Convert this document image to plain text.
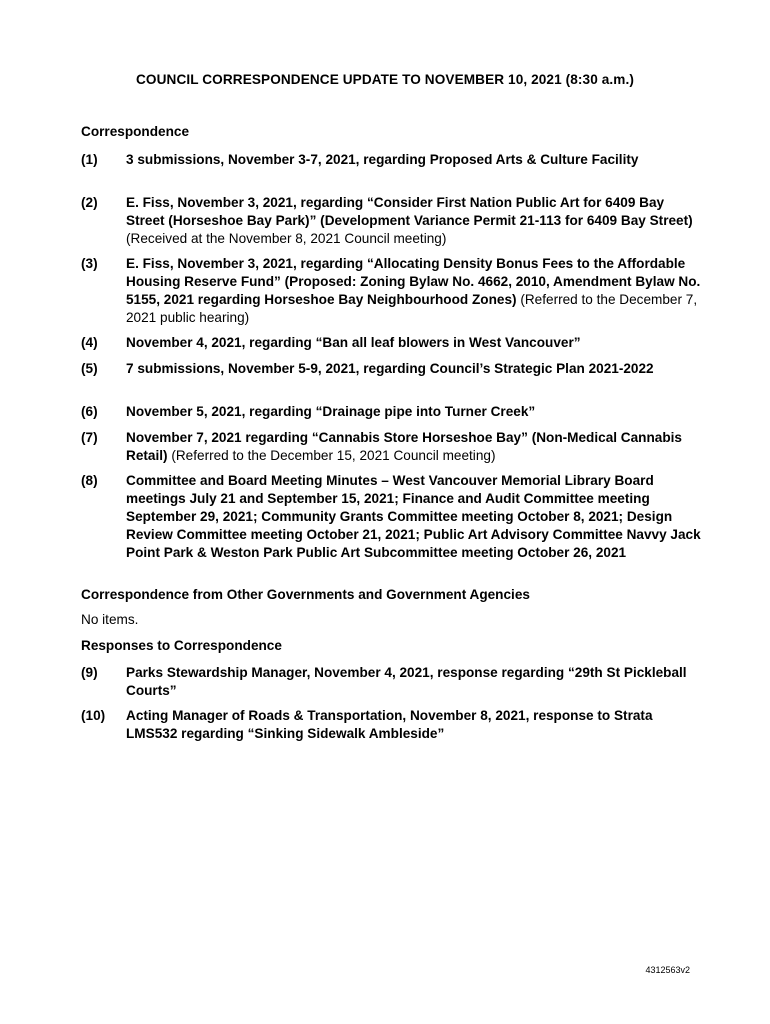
COUNCIL CORRESPONDENCE UPDATE TO NOVEMBER 10, 2021 (8:30 a.m.)
Correspondence
(1) 3 submissions, November 3-7, 2021, regarding Proposed Arts & Culture Facility
(2) E. Fiss, November 3, 2021, regarding “Consider First Nation Public Art for 6409 Bay Street (Horseshoe Bay Park)” (Development Variance Permit 21-113 for 6409 Bay Street) (Received at the November 8, 2021 Council meeting)
(3) E. Fiss, November 3, 2021, regarding “Allocating Density Bonus Fees to the Affordable Housing Reserve Fund” (Proposed: Zoning Bylaw No. 4662, 2010, Amendment Bylaw No. 5155, 2021 regarding Horseshoe Bay Neighbourhood Zones) (Referred to the December 7, 2021 public hearing)
(4) November 4, 2021, regarding “Ban all leaf blowers in West Vancouver”
(5) 7 submissions, November 5-9, 2021, regarding Council’s Strategic Plan 2021-2022
(6) November 5, 2021, regarding “Drainage pipe into Turner Creek”
(7) November 7, 2021 regarding “Cannabis Store Horseshoe Bay” (Non-Medical Cannabis Retail) (Referred to the December 15, 2021 Council meeting)
(8) Committee and Board Meeting Minutes – West Vancouver Memorial Library Board meetings July 21 and September 15, 2021; Finance and Audit Committee meeting September 29, 2021; Community Grants Committee meeting October 8, 2021; Design Review Committee meeting October 21, 2021; Public Art Advisory Committee Navvy Jack Point Park & Weston Park Public Art Subcommittee meeting October 26, 2021
Correspondence from Other Governments and Government Agencies
No items.
Responses to Correspondence
(9) Parks Stewardship Manager, November 4, 2021, response regarding “29th St Pickleball Courts”
(10) Acting Manager of Roads & Transportation, November 8, 2021, response to Strata LMS532 regarding “Sinking Sidewalk Ambleside”
4312563v2
